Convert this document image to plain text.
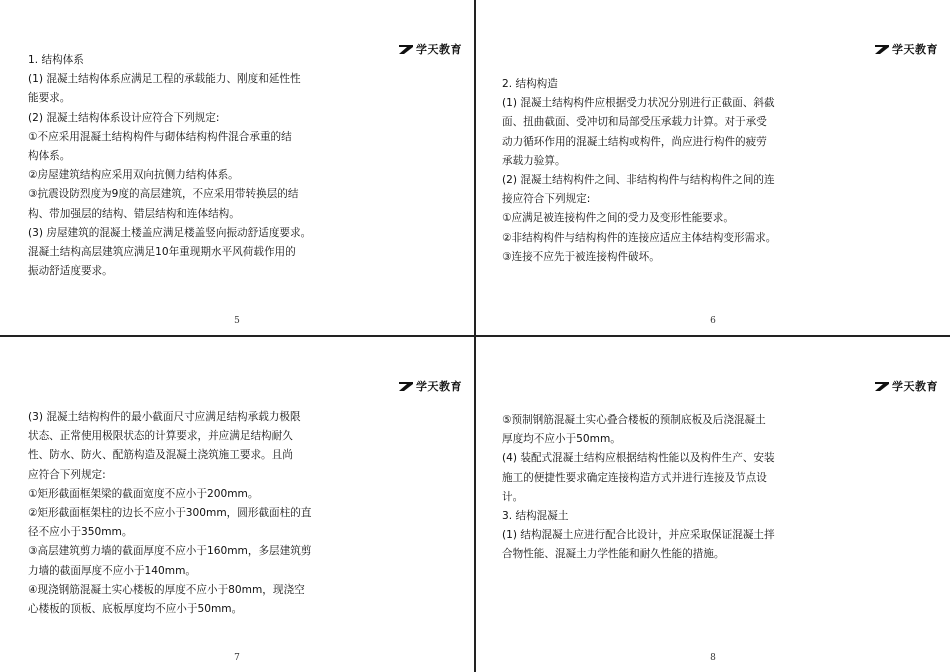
学天教育

1. 结构体系

(1) 混凝土结构体系应满足工程的承载能力、刚度和延性性

能要求。

(2) 混凝土结构体系设计应符合下列规定:

①不应采用混凝土结构构件与砌体结构构件混合承重的结

构体系。

②房屋建筑结构应采用双向抗侧力结构体系。

③抗震设防烈度为9度的高层建筑，不应采用带转换层的结

构、带加强层的结构、错层结构和连体结构。

(3) 房屋建筑的混凝土楼盖应满足楼盖竖向振动舒适度要求。

混凝土结构高层建筑应满足10年重现期水平风荷载作用的

振动舒适度要求。

5
学天教育

2. 结构构造

(1) 混凝土结构构件应根据受力状况分别进行正截面、斜截

面、扭曲截面、受冲切和局部受压承载力计算。对于承受

动力循环作用的混凝土结构或构件，尚应进行构件的疲劳

承载力验算。

(2) 混凝土结构构件之间、非结构构件与结构构件之间的连

接应符合下列规定:

①应满足被连接构件之间的受力及变形性能要求。

②非结构构件与结构构件的连接应适应主体结构变形需求。

③连接不应先于被连接构件破坏。

6
学天教育

(3) 混凝土结构构件的最小截面尺寸应满足结构承载力极限

状态、正常使用极限状态的计算要求，并应满足结构耐久

性、防水、防火、配筋构造及混凝土浇筑施工要求。且尚

应符合下列规定:

①矩形截面框架梁的截面宽度不应小于200mm。

②矩形截面框架柱的边长不应小于300mm，圆形截面柱的直

径不应小于350mm。

③高层建筑剪力墙的截面厚度不应小于160mm，多层建筑剪

力墙的截面厚度不应小于140mm。

④现浇钢筋混凝土实心楼板的厚度不应小于80mm，现浇空

心楼板的顶板、底板厚度均不应小于50mm。

7
学天教育

⑤预制钢筋混凝土实心叠合楼板的预制底板及后浇混凝土

厚度均不应小于50mm。

(4) 装配式混凝土结构应根据结构性能以及构件生产、安装

施工的便捷性要求确定连接构造方式并进行连接及节点设

计。

3. 结构混凝土

(1) 结构混凝土应进行配合比设计，并应采取保证混凝土拌

合物性能、混凝土力学性能和耐久性能的措施。

8
